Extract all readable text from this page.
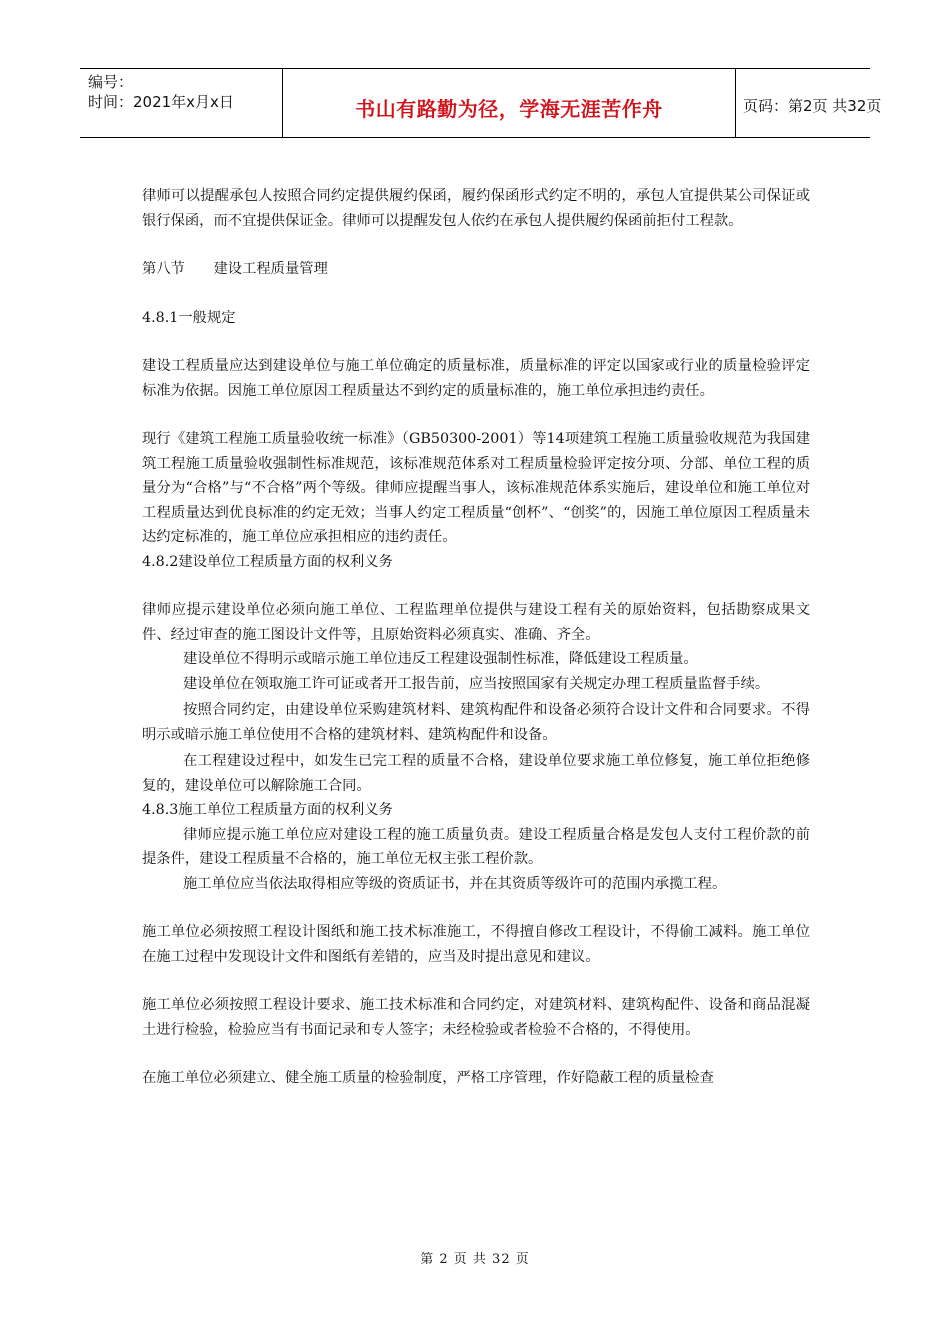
编号：
时间：2021年x月x日	书山有路勤为径，学海无涯苦作舟	页码：第2页 共32页

律师可以提醒承包人按照合同约定提供履约保函，履约保函形式约定不明的，承包人宜提供某公司保证或银行保函，而不宜提供保证金。律师可以提醒发包人依约在承包人提供履约保函前拒付工程款。

第八节　　建设工程质量管理

4.8.1一般规定

建设工程质量应达到建设单位与施工单位确定的质量标准，质量标准的评定以国家或行业的质量检验评定标准为依据。因施工单位原因工程质量达不到约定的质量标准的，施工单位承担违约责任。

现行《建筑工程施工质量验收统一标准》（GB50300-2001）等14项建筑工程施工质量验收规范为我国建筑工程施工质量验收强制性标准规范，该标准规范体系对工程质量检验评定按分项、分部、单位工程的质量分为“合格”与“不合格”两个等级。律师应提醒当事人，该标准规范体系实施后，建设单位和施工单位对工程质量达到优良标准的约定无效；当事人约定工程质量“创杯”、“创奖”的，因施工单位原因工程质量未达约定标准的，施工单位应承担相应的违约责任。

4.8.2建设单位工程质量方面的权利义务

律师应提示建设单位必须向施工单位、工程监理单位提供与建设工程有关的原始资料，包括勘察成果文件、经过审查的施工图设计文件等，且原始资料必须真实、准确、齐全。

建设单位不得明示或暗示施工单位违反工程建设强制性标准，降低建设工程质量。

建设单位在领取施工许可证或者开工报告前，应当按照国家有关规定办理工程质量监督手续。

按照合同约定，由建设单位采购建筑材料、建筑构配件和设备必须符合设计文件和合同要求。不得明示或暗示施工单位使用不合格的建筑材料、建筑构配件和设备。

在工程建设过程中，如发生已完工程的质量不合格，建设单位要求施工单位修复，施工单位拒绝修复的，建设单位可以解除施工合同。

4.8.3施工单位工程质量方面的权利义务

律师应提示施工单位应对建设工程的施工质量负责。建设工程质量合格是发包人支付工程价款的前提条件，建设工程质量不合格的，施工单位无权主张工程价款。

施工单位应当依法取得相应等级的资质证书，并在其资质等级许可的范围内承揽工程。

施工单位必须按照工程设计图纸和施工技术标准施工，不得擅自修改工程设计，不得偷工减料。施工单位在施工过程中发现设计文件和图纸有差错的，应当及时提出意见和建议。

施工单位必须按照工程设计要求、施工技术标准和合同约定，对建筑材料、建筑构配件、设备和商品混凝土进行检验，检验应当有书面记录和专人签字；未经检验或者检验不合格的，不得使用。

在施工单位必须建立、健全施工质量的检验制度，严格工序管理，作好隐蔽工程的质量检查

第 2 页 共 32 页
